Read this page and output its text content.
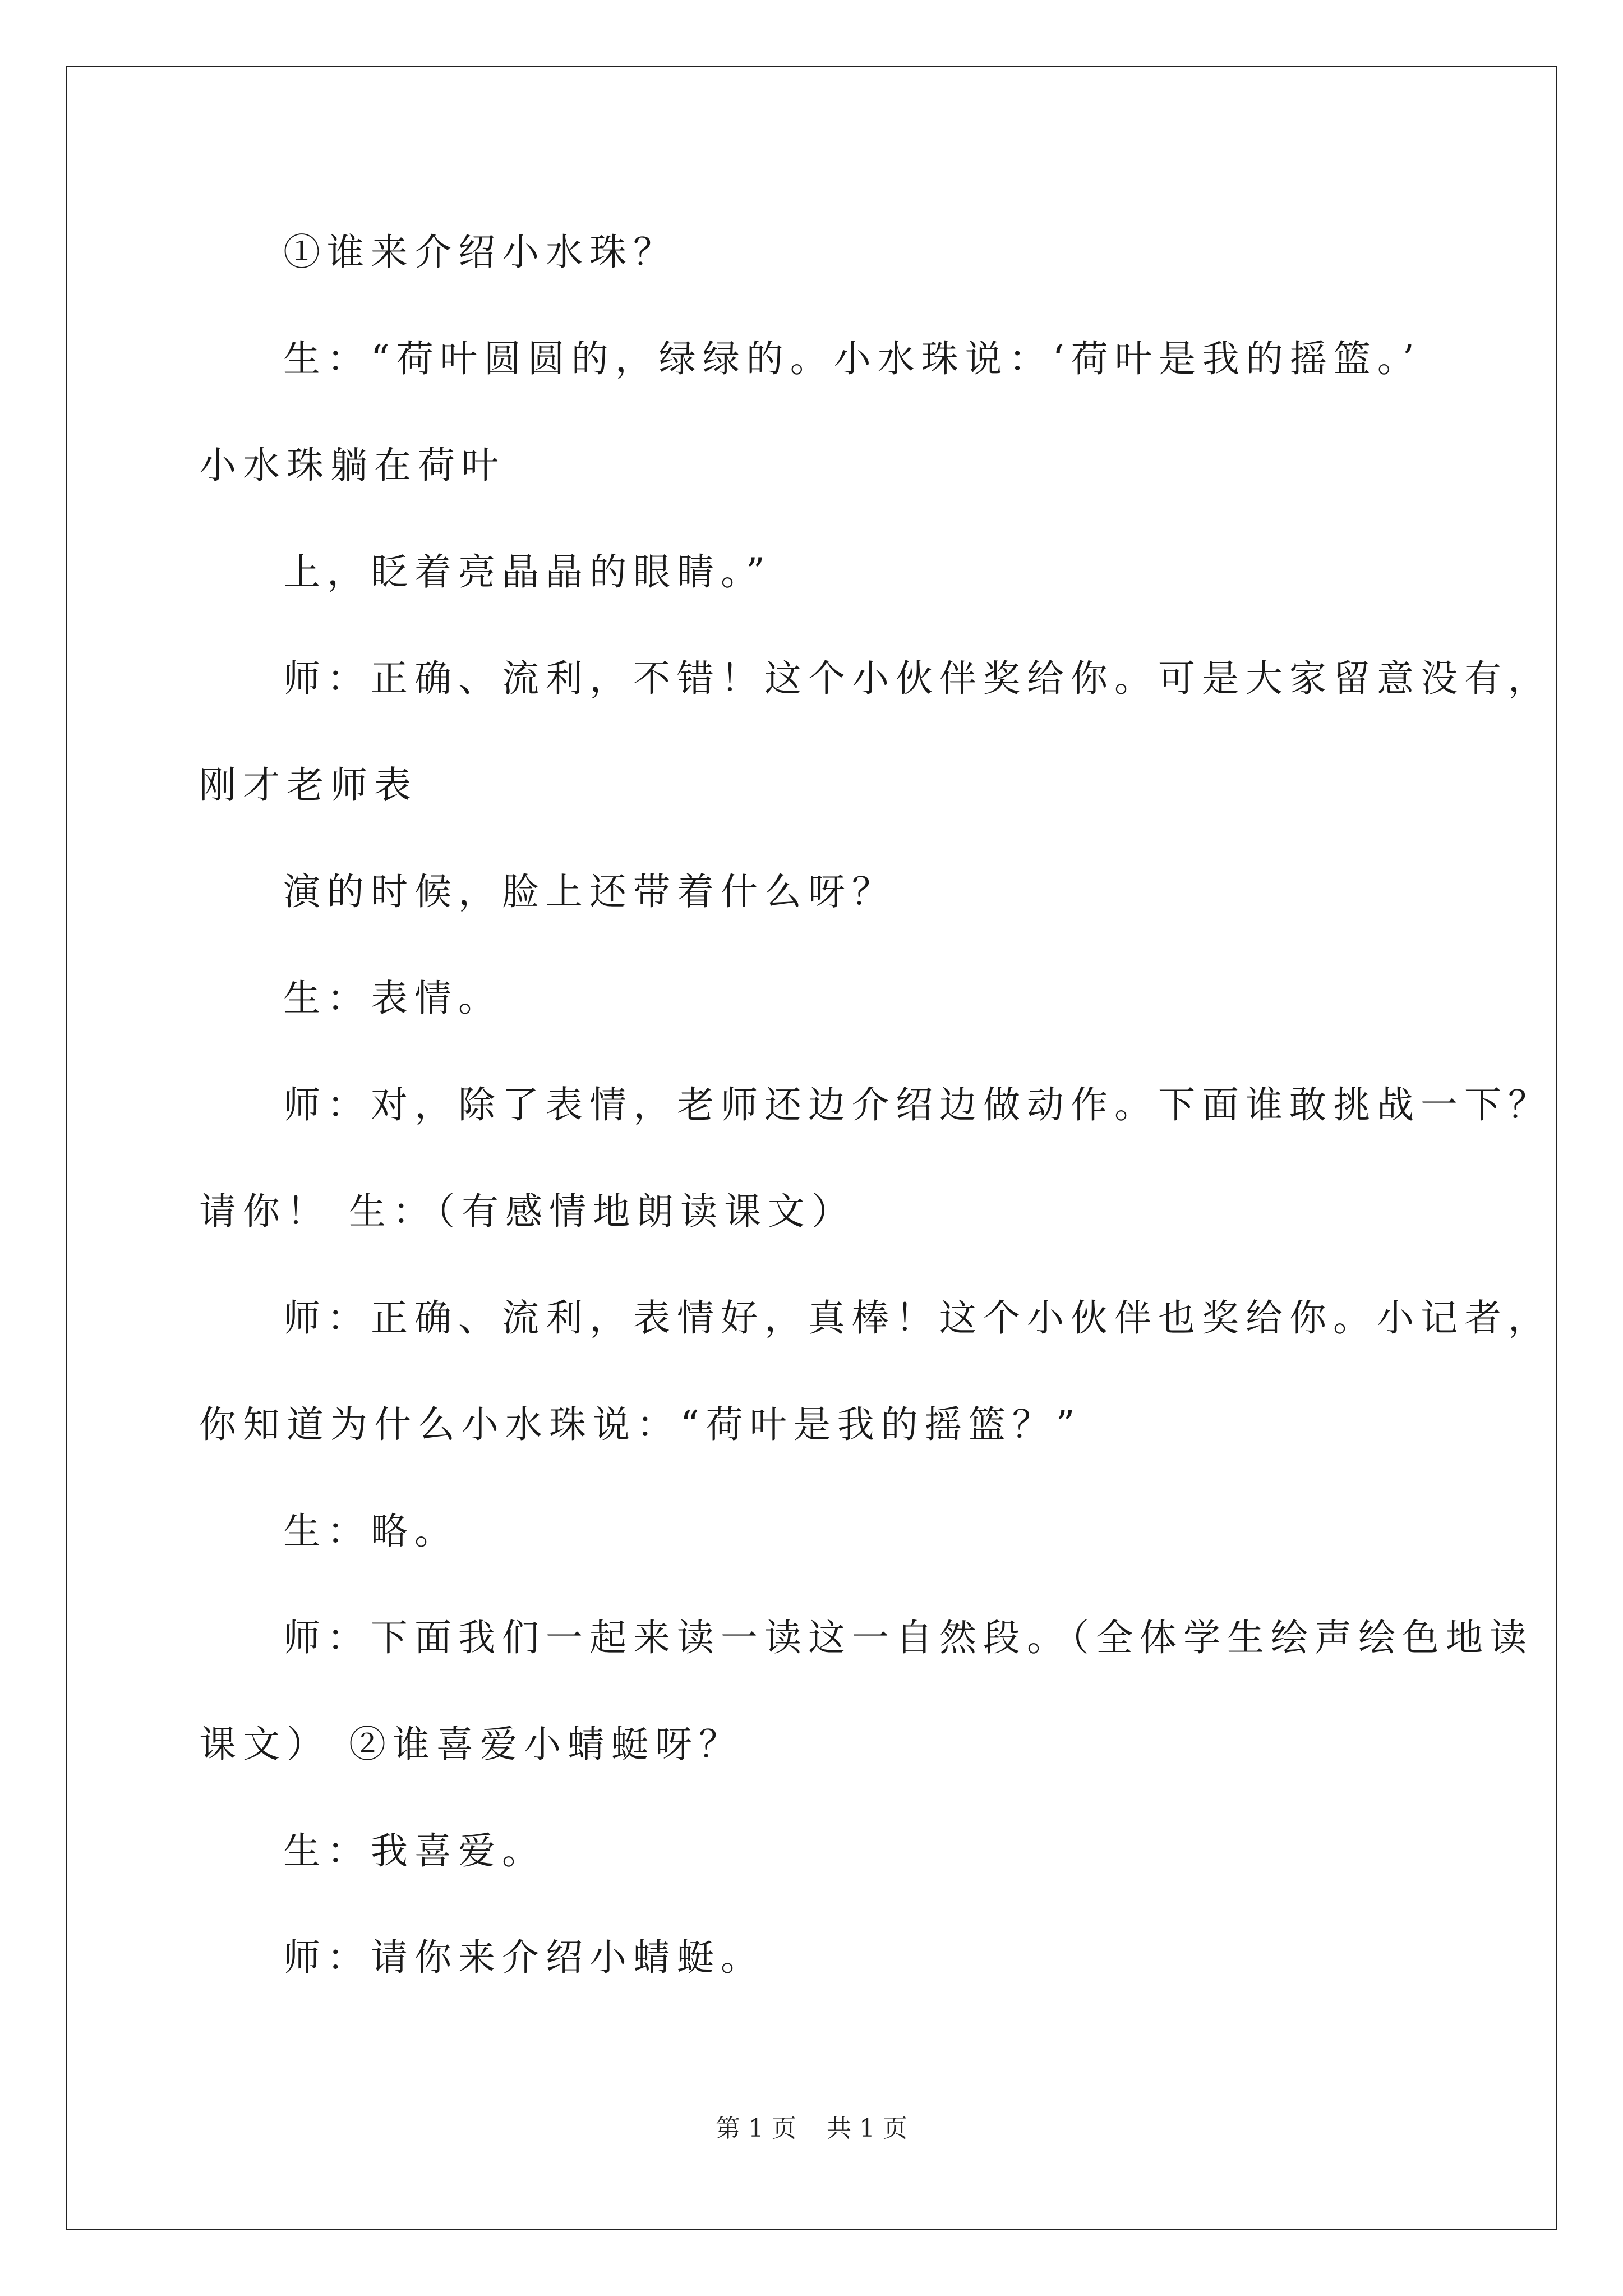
①谁来介绍小水珠？
生：“荷叶圆圆的，绿绿的。小水珠说：‘荷叶是我的摇篮。’
小水珠躺在荷叶
上，眨着亮晶晶的眼睛。”
师：正确、流利，不错！这个小伙伴奖给你。可是大家留意没有，
刚才老师表
演的时候，脸上还带着什么呀？
生：表情。
师：对，除了表情，老师还边介绍边做动作。下面谁敢挑战一下？
请你！ 生：（有感情地朗读课文）
师：正确、流利，表情好，真棒！这个小伙伴也奖给你。小记者，
你知道为什么小水珠说：“荷叶是我的摇篮？”
生：略。
师：下面我们一起来读一读这一自然段。（全体学生绘声绘色地读
课文） ②谁喜爱小蜻蜓呀？
生：我喜爱。
师：请你来介绍小蜻蜓。
第 1 页 共 1 页
